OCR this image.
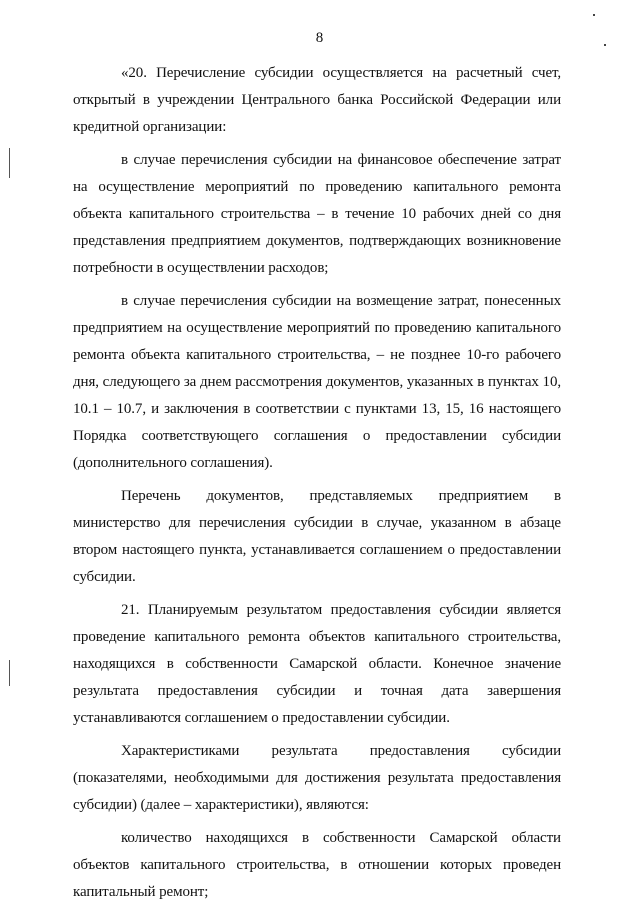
8

«20. Перечисление субсидии осуществляется на расчетный счет, открытый в учреждении Центрального банка Российской Федерации или кредитной организации:

в случае перечисления субсидии на финансовое обеспечение затрат на осуществление мероприятий по проведению капитального ремонта объекта капитального строительства – в течение 10 рабочих дней со дня представления предприятием документов, подтверждающих возникновение потребности в осуществлении расходов;

в случае перечисления субсидии на возмещение затрат, понесенных предприятием на осуществление мероприятий по проведению капитального ремонта объекта капитального строительства, – не позднее 10-го рабочего дня, следующего за днем рассмотрения документов, указанных в пунктах 10, 10.1 – 10.7, и заключения в соответствии с пунктами 13, 15, 16 настоящего Порядка соответствующего соглашения о предоставлении субсидии (дополнительного соглашения).

Перечень документов, представляемых предприятием в министерство для перечисления субсидии в случае, указанном в абзаце втором настоящего пункта, устанавливается соглашением о предоставлении субсидии.

21. Планируемым результатом предоставления субсидии является проведение капитального ремонта объектов капитального строительства, находящихся в собственности Самарской области. Конечное значение результата предоставления субсидии и точная дата завершения устанавливаются соглашением о предоставлении субсидии.

Характеристиками результата предоставления субсидии (показателями, необходимыми для достижения результата предоставления субсидии) (далее – характеристики), являются:

количество находящихся в собственности Самарской области объектов капитального строительства, в отношении которых проведен капитальный ремонт;
